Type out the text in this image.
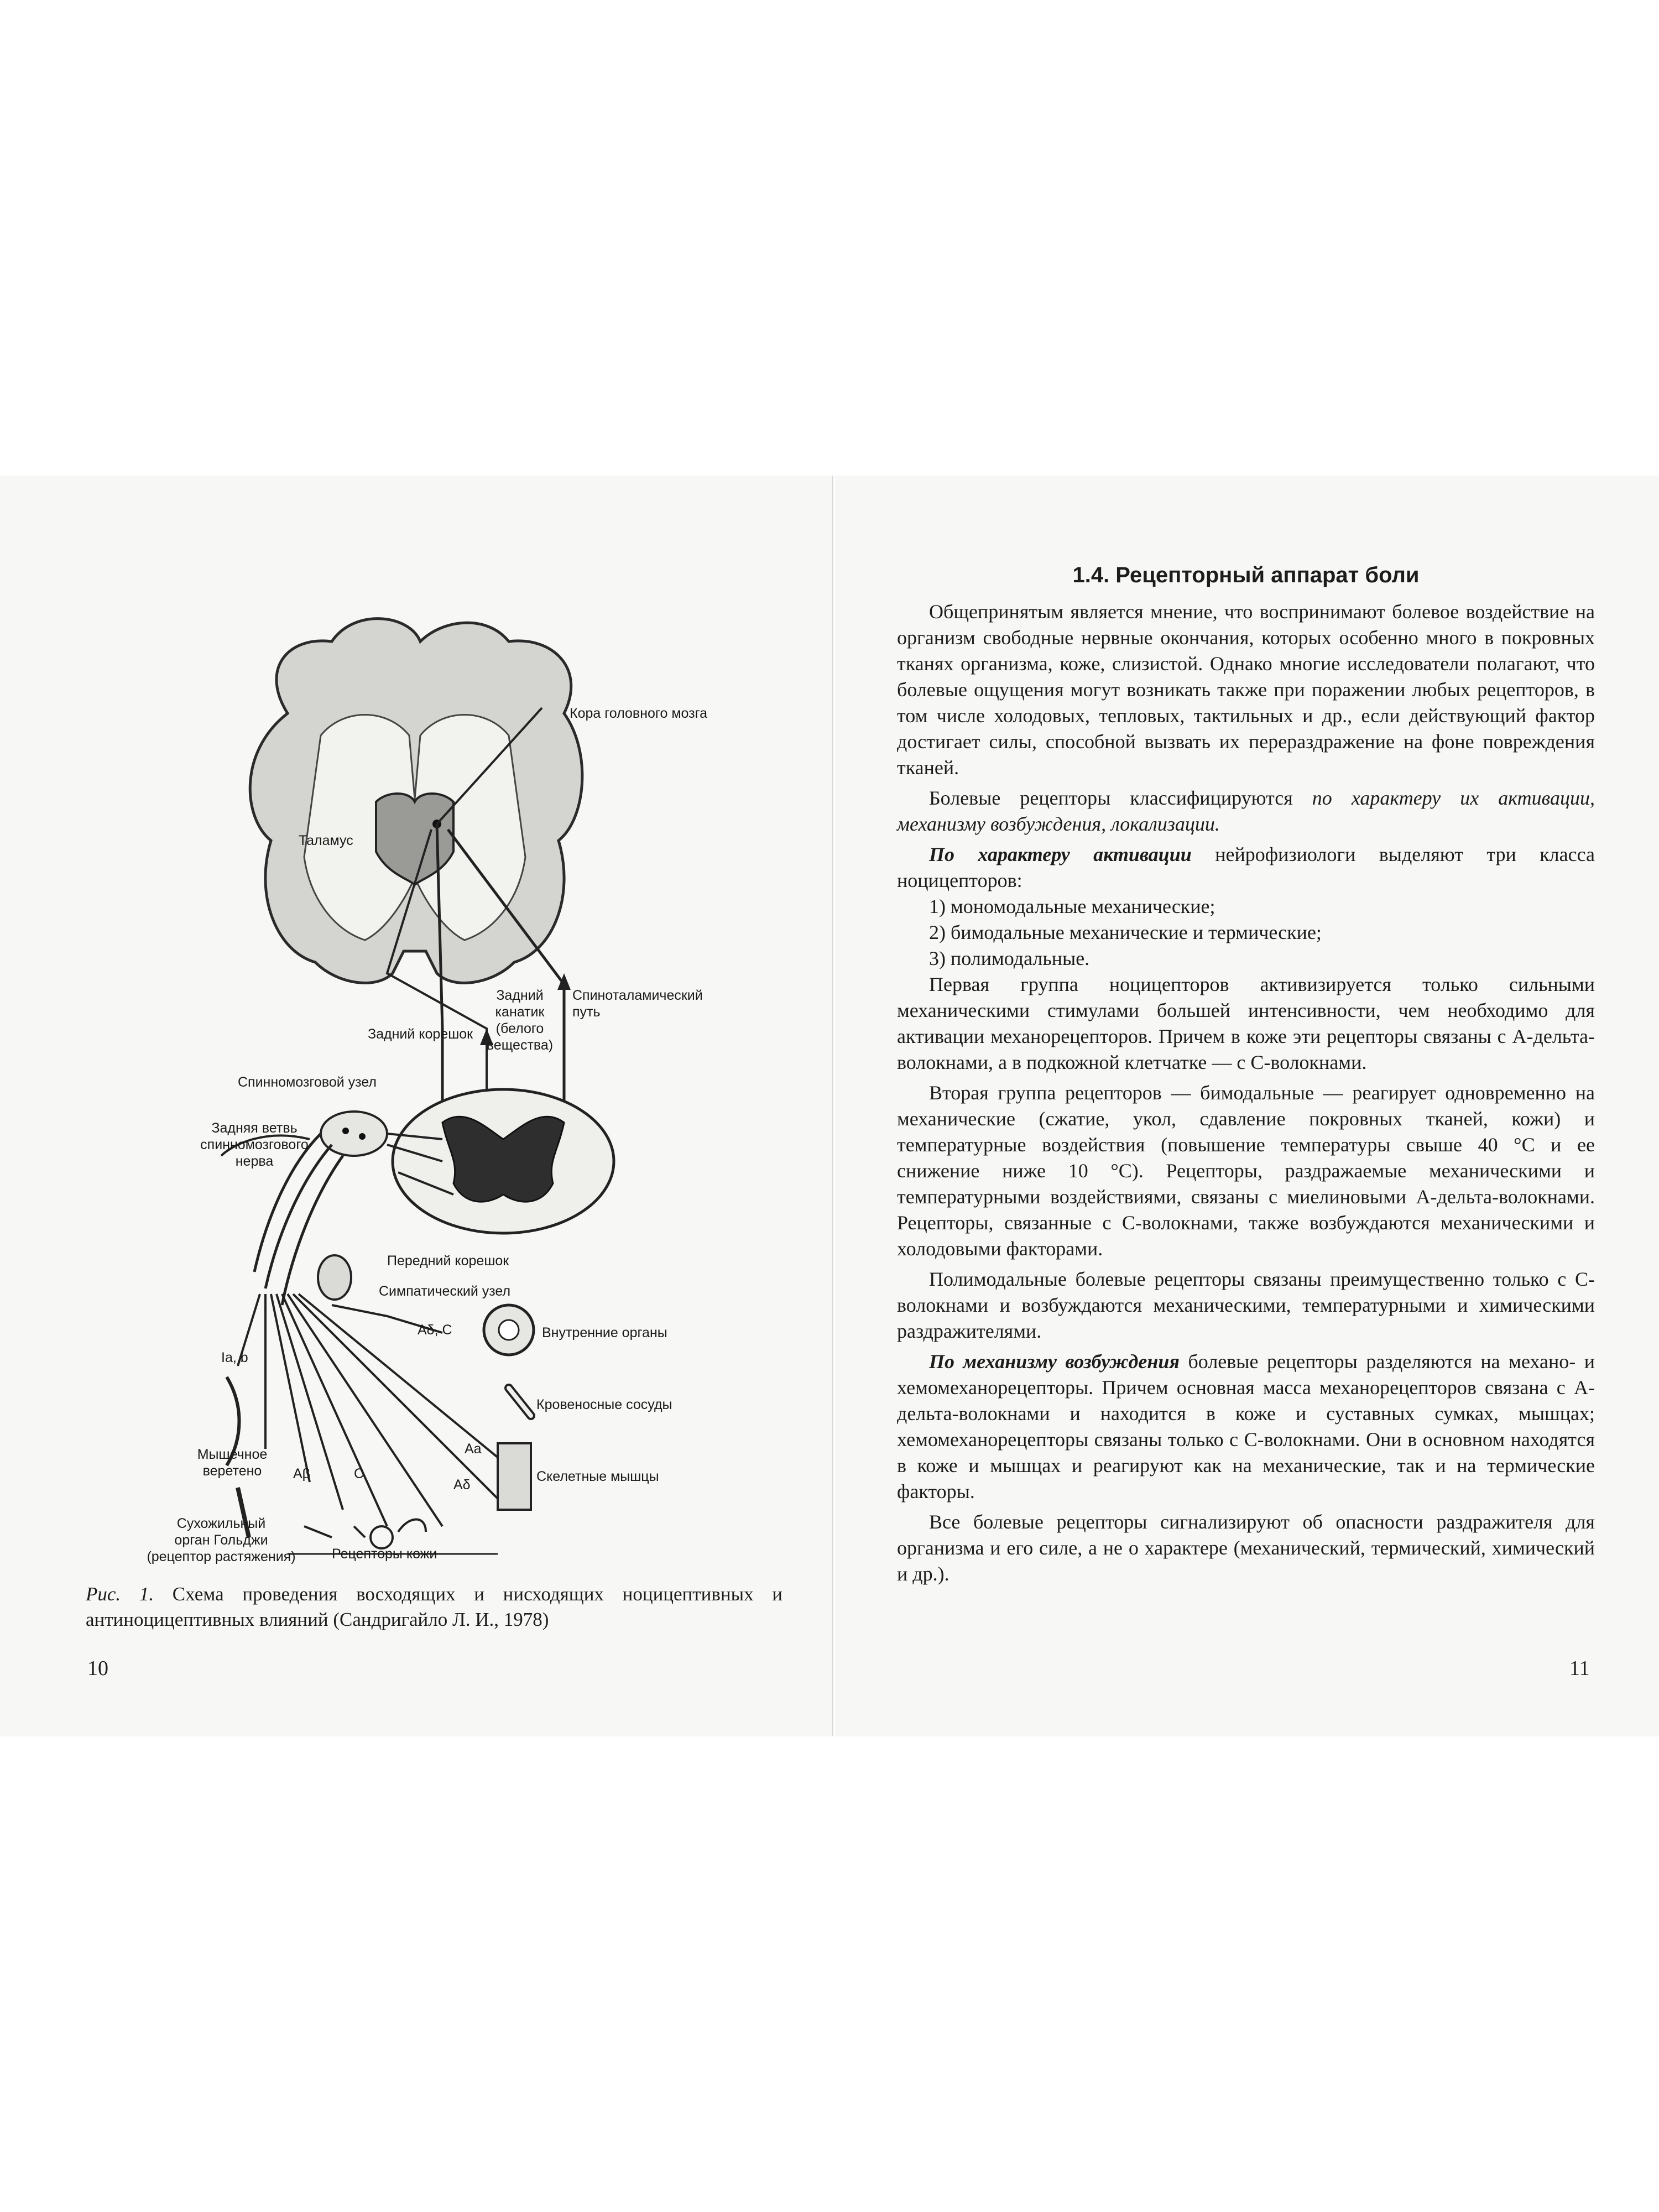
Кора головного мозга
Таламус
Задний
канатик
(белого
вещества)
Спиноталамический
путь
Задний корешок
Спинномозговой узел
Задняя ветвь
спинномозгового
нерва
Передний корешок
Симпатический узел
Aδ, C	Внутренние органы
Ia, b
Кровеносные сосуды
Aa
Мышечное
веретено	Aβ	C
Aδ
Скелетные мышцы
Сухожильный
орган Гольджи
(рецептор растяжения)	Рецепторы кожи
Рис. 1. Схема проведения восходящих и нисходящих ноцицептивных и антиноцицептивных влияний (Сандригайло Л. И., 1978)
10
1.4. Рецепторный аппарат боли

Общепринятым является мнение, что воспринимают болевое воздействие на организм свободные нервные окончания, которых особенно много в покровных тканях организма, коже, слизистой. Однако многие исследователи полагают, что болевые ощущения могут возникать также при поражении любых рецепторов, в том числе холодовых, тепловых, тактильных и др., если действующий фактор достигает силы, способной вызвать их перераздражение на фоне повреждения тканей.

Болевые рецепторы классифицируются по характеру их активации, механизму возбуждения, локализации.

По характеру активации нейрофизиологи выделяют три класса ноцицепторов:

1) мономодальные механические;
2) бимодальные механические и термические;
3) полимодальные.

Первая группа ноцицепторов активизируется только сильными механическими стимулами большей интенсивности, чем необходимо для активации механорецепторов. Причем в коже эти рецепторы связаны с А-дельта-волокнами, а в подкожной клетчатке — с С-волокнами.

Вторая группа рецепторов — бимодальные — реагирует одновременно на механические (сжатие, укол, сдавление покровных тканей, кожи) и температурные воздействия (повышение температуры свыше 40 °С и ее снижение ниже 10 °С). Рецепторы, раздражаемые механическими и температурными воздействиями, связаны с миелиновыми А-дельта-волокнами. Рецепторы, связанные с С-волокнами, также возбуждаются механическими и холодовыми факторами.

Полимодальные болевые рецепторы связаны преимущественно только с С-волокнами и возбуждаются механическими, температурными и химическими раздражителями.

По механизму возбуждения болевые рецепторы разделяются на механо- и хемомеханорецепторы. Причем основная масса механорецепторов связана с А-дельта-волокнами и находится в коже и суставных сумках, мышцах; хемомеханорецепторы связаны только с С-волокнами. Они в основном находятся в коже и мышцах и реагируют как на механические, так и на термические факторы.

Все болевые рецепторы сигнализируют об опасности раздражителя для организма и его силе, а не о характере (механический, термический, химический и др.).

11
